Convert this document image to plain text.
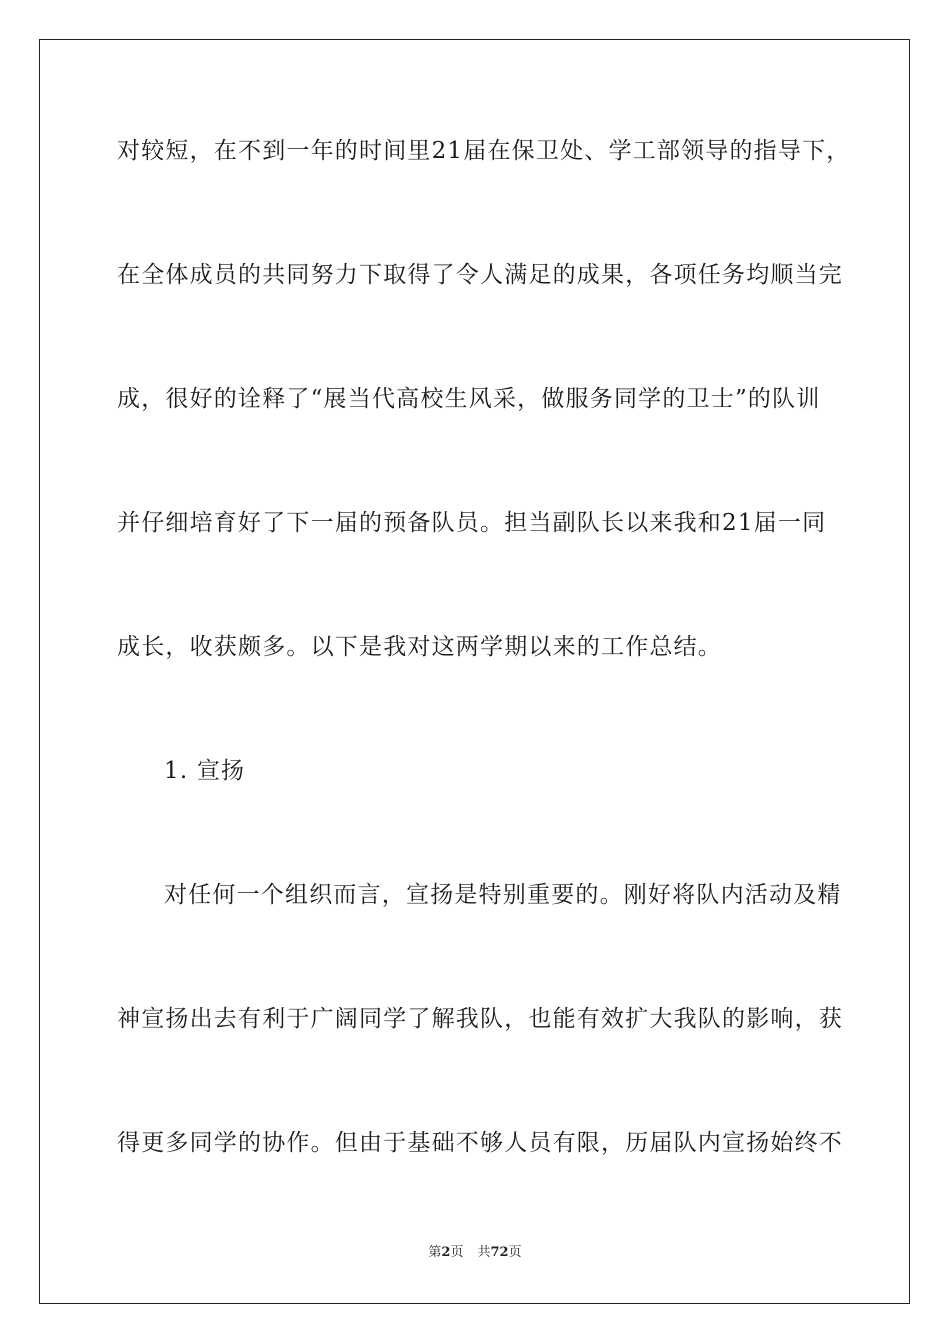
对较短，在不到一年的时间里21届在保卫处、学工部领导的指导下，
在全体成员的共同努力下取得了令人满足的成果，各项任务均顺当完
成，很好的诠释了“展当代高校生风采，做服务同学的卫士”的队训
并仔细培育好了下一届的预备队员。担当副队长以来我和21届一同
成长，收获颇多。以下是我对这两学期以来的工作总结。
1. 宣扬
对任何一个组织而言，宣扬是特别重要的。刚好将队内活动及精
神宣扬出去有利于广阔同学了解我队，也能有效扩大我队的影响，获
得更多同学的协作。但由于基础不够人员有限，历届队内宣扬始终不
第2页 共72页
